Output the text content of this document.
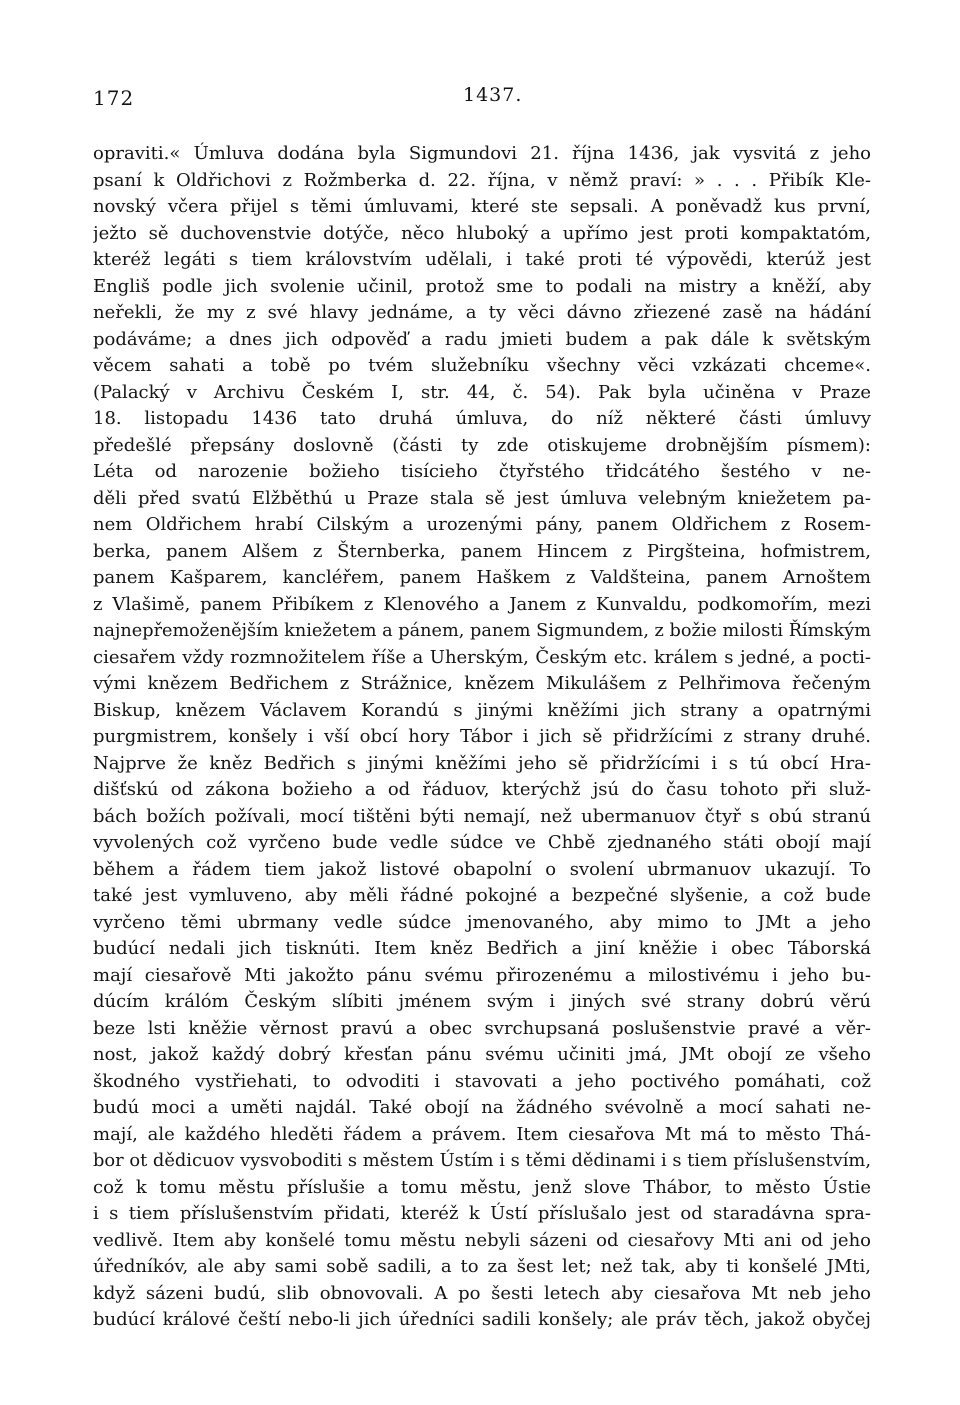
172	1437.
opraviti.« Úmluva dodána byla Sigmundovi 21. října 1436, jak vysvitá z jeho
psaní k Oldřichovi z Rožmberka d. 22. října, v němž praví: » . . . Přibík Kle-
novský včera přijel s těmi úmluvami, které ste sepsali. A poněvadž kus první,
ježto sě duchovenstvie dotýče, něco hluboký a upřímo jest proti kompaktatóm,
kteréž legáti s tiem královstvím udělali, i také proti té výpovědi, kterúž jest
Engliš podle jich svolenie učinil, protož sme to podali na mistry a kněží, aby
neřekli, že my z své hlavy jednáme, a ty věci dávno zřiezené zasě na hádání
podáváme; a dnes jich odpověď a radu jmieti budem a pak dále k světským
věcem sahati a tobě po tvém služebníku všechny věci vzkázati chceme«.
(Palacký v Archivu Českém I, str. 44, č. 54). Pak byla učiněna v Praze
18. listopadu 1436 tato druhá úmluva, do níž některé části úmluvy
předešlé přepsány doslovně (části ty zde otiskujeme drobnějším písmem):
Léta od narozenie božieho tisícieho čtyřstého třidcátého šestého v ne-
děli před svatú Elžběthú u Praze stala sě jest úmluva velebným kniežetem pa-
nem Oldřichem hrabí Cilským a urozenými pány, panem Oldřichem z Rosem-
berka, panem Alšem z Šternberka, panem Hincem z Pirgšteina, hofmistrem,
panem Kašparem, kancléřem, panem Haškem z Valdšteina, panem Arnoštem
z Vlašimě, panem Přibíkem z Klenového a Janem z Kunvaldu, podkomořím, mezi
najnepřemoženějším kniežetem a pánem, panem Sigmundem, z božie milosti Římským
ciesařem vždy rozmnožitelem říše a Uherským, Českým etc. králem s jedné, a pocti-
vými knězem Bedřichem z Strážnice, knězem Mikulášem z Pelhřimova řečeným
Biskup, knězem Václavem Korandú s jinými kněžími jich strany a opatrnými
purgmistrem, konšely i vší obcí hory Tábor i jich sě přidržícími z strany druhé.
Najprve že kněz Bedřich s jinými kněžími jeho sě přidržícími i s tú obcí Hra-
dišťskú od zákona božieho a od řáduov, kterýchž jsú do času tohoto při služ-
bách božích požívali, mocí tištěni býti nemají, než ubermanuov čtyř s obú stranú
vyvolených což vyrčeno bude vedle súdce ve Chbě zjednaného státi obojí mají
během a řádem tiem jakož listové obapolní o svolení ubrmanuov ukazují. To
také jest vymluveno, aby měli řádné pokojné a bezpečné slyšenie, a což bude
vyrčeno těmi ubrmany vedle súdce jmenovaného, aby mimo to JMt a jeho
budúcí nedali jich tisknúti. Item kněz Bedřich a jiní kněžie i obec Táborská
mají ciesařově Mti jakožto pánu svému přirozenému a milostivému i jeho bu-
dúcím králóm Českým slíbiti jménem svým i jiných své strany dobrú věrú
beze lsti kněžie věrnost pravú a obec svrchupsaná poslušenstvie pravé a věr-
nost, jakož každý dobrý křesťan pánu svému učiniti jmá, JMt obojí ze všeho
škodného vystřiehati, to odvoditi i stavovati a jeho poctivého pomáhati, což
budú moci a uměti najdál. Také obojí na žádného svévolně a mocí sahati ne-
mají, ale každého hleděti řádem a právem. Item ciesařova Mt má to město Thá-
bor ot dědicuov vysvoboditi s městem Ústím i s těmi dědinami i s tiem příslušenstvím,
což k tomu městu příslušie a tomu městu, jenž slove Thábor, to město Ústie
i s tiem příslušenstvím přidati, kteréž k Ústí příslušalo jest od staradávna spra-
vedlivě. Item aby konšelé tomu městu nebyli sázeni od ciesařovy Mti ani od jeho
úředníkóv, ale aby sami sobě sadili, a to za šest let; než tak, aby ti konšelé JMti,
když sázeni budú, slib obnovovali. A po šesti letech aby ciesařova Mt neb jeho
budúcí králové čeští nebo-li jich úředníci sadili konšely; ale práv těch, jakož obyčej
